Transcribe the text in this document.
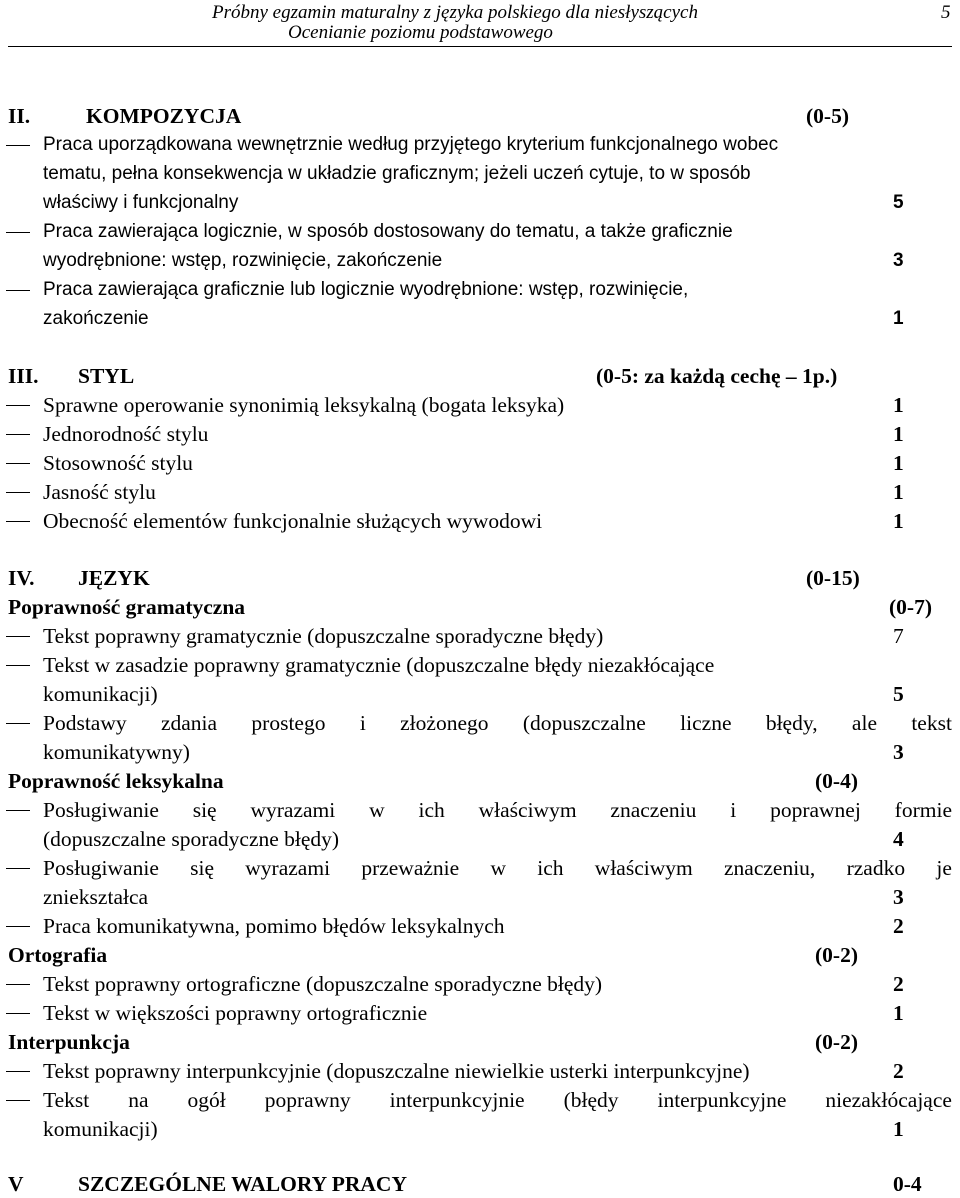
Próbny egzamin maturalny z języka polskiego dla niesłyszących
Ocenianie poziomu podstawowego
5
II.	KOMPOZYCJA	(0-5)
Praca uporządkowana wewnętrznie według przyjętego kryterium funkcjonalnego wobec
tematu, pełna konsekwencja w układzie graficznym; jeżeli uczeń cytuje, to w sposób
właściwy i funkcjonalny	5
Praca zawierająca logicznie, w sposób dostosowany do tematu, a także graficznie
wyodrębnione: wstęp, rozwinięcie, zakończenie	3
Praca zawierająca graficznie lub logicznie wyodrębnione: wstęp, rozwinięcie,
zakończenie	1
III. STYL	(0-5: za każdą cechę – 1p.)
Sprawne operowanie synonimią leksykalną (bogata leksyka)	1
Jednorodność stylu	1
Stosowność stylu	1
Jasność stylu	1
Obecność elementów funkcjonalnie służących wywodowi	1
IV. JĘZYK	(0-15)
Poprawność gramatyczna	(0-7)
Tekst poprawny gramatycznie (dopuszczalne sporadyczne błędy)	7
Tekst w zasadzie poprawny gramatycznie (dopuszczalne błędy niezakłócające
komunikacji)	5
Podstawy zdania prostego i złożonego (dopuszczalne liczne błędy, ale tekst
komunikatywny)	3
Poprawność leksykalna	(0-4)
Posługiwanie się wyrazami w ich właściwym znaczeniu i poprawnej formie
(dopuszczalne sporadyczne błędy)	4
Posługiwanie się wyrazami przeważnie w ich właściwym znaczeniu, rzadko je
zniekształca	3
Praca komunikatywna, pomimo błędów leksykalnych	2
Ortografia	(0-2)
Tekst poprawny ortograficzne (dopuszczalne sporadyczne błędy)	2
Tekst w większości poprawny ortograficznie	1
Interpunkcja	(0-2)
Tekst poprawny interpunkcyjnie (dopuszczalne niewielkie usterki interpunkcyjne)	2
Tekst na ogół poprawny interpunkcyjnie (błędy interpunkcyjne niezakłócające
komunikacji)	1
V	SZCZEGÓLNE WALORY PRACY	0-4
